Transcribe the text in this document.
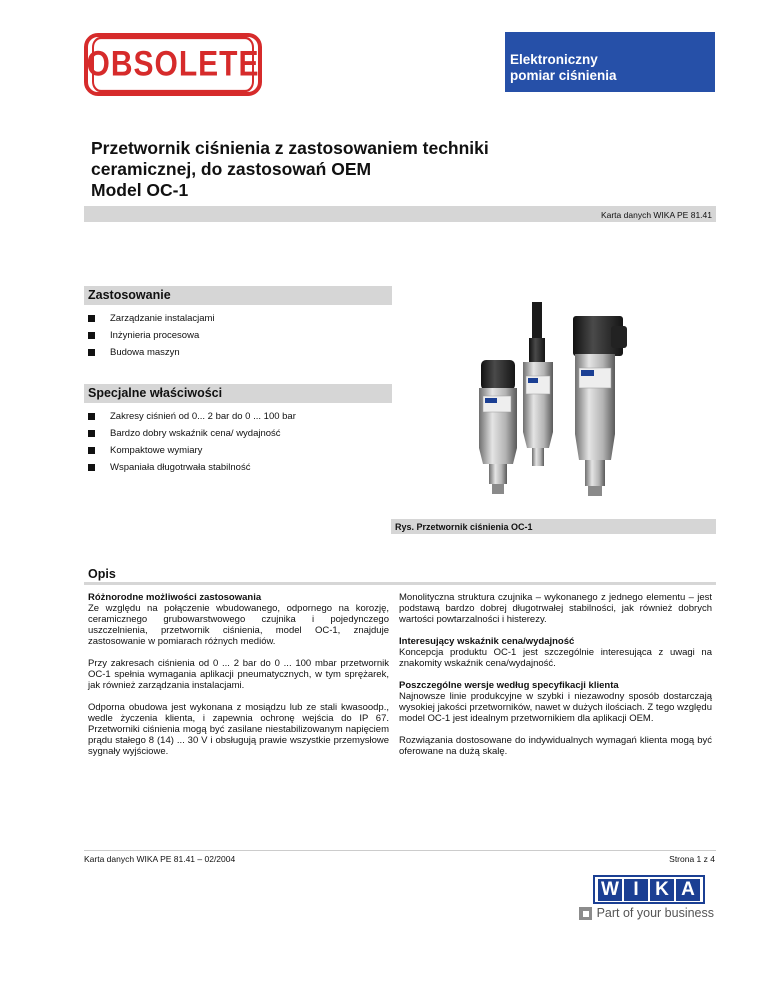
OBSOLETE	Elektroniczny
pomiar ciśnienia
Przetwornik ciśnienia z zastosowaniem techniki
ceramicznej, do zastosowań OEM
Model OC-1
Karta danych WIKA PE 81.41
Zastosowanie
Zarządzanie instalacjami
Inżynieria procesowa
Budowa maszyn
Specjalne właściwości
Zakresy ciśnień od 0... 2 bar do 0 ... 100 bar
Bardzo dobry wskaźnik cena/ wydajność
Kompaktowe wymiary
Wspaniała długotrwała stabilność
Rys. Przetwornik ciśnienia OC-1
Opis

Różnorodne możliwości zastosowania
Ze względu na połączenie wbudowanego, odpornego na korozję, ceramicznego grubowarstwowego czujnika i pojedynczego uszczelnienia, przetwornik ciśnienia, model OC-1, znajduje zastosowanie w pomiarach różnych mediów.

Przy zakresach ciśnienia od 0 ... 2 bar do 0 ... 100 mbar przetwornik OC-1 spełnia wymagania aplikacji pneumatycznych, w tym sprężarek, jak również zarządzania instalacjami.

Odporna obudowa jest wykonana z mosiądzu lub ze stali kwasoodp., wedle życzenia klienta, i zapewnia ochronę wejścia do IP 67. Przetworniki ciśnienia mogą być zasilane niestabilizowanym napięciem prądu stałego 8 (14) ... 30 V i obsługują prawie wszystkie przemysłowe sygnały wyjściowe.

Monolityczna struktura czujnika – wykonanego z jednego elementu – jest podstawą bardzo dobrej długotrwałej stabilności, jak również dobrych wartości powtarzalności i histerezy.

Interesujący wskaźnik cena/wydajność
Koncepcja produktu OC-1 jest szczególnie interesująca z uwagi na znakomity wskaźnik cena/wydajność.

Poszczególne wersje według specyfikacji klienta
Najnowsze linie produkcyjne w szybki i niezawodny sposób dostarczają wysokiej jakości przetworników, nawet w dużych ilościach. Z tego względu model OC-1 jest idealnym przetwornikiem dla aplikacji OEM.

Rozwiązania dostosowane do indywidualnych wymagań klienta mogą być oferowane na dużą skalę.

Karta danych WIKA PE 81.41 – 02/2004	Strona 1 z 4
W I K A
Part of your business
